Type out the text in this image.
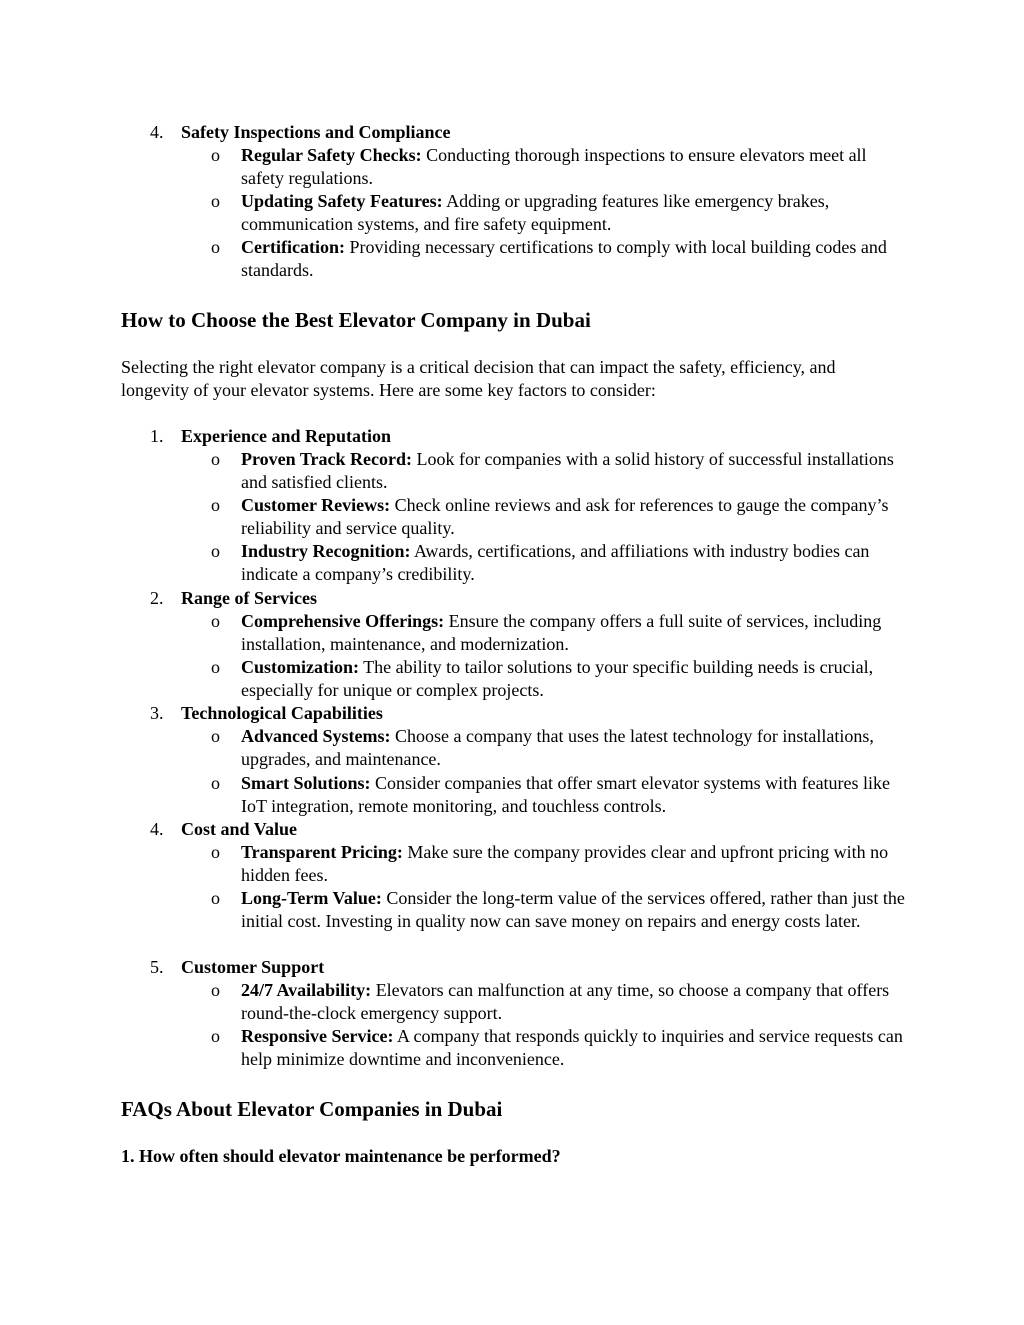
4. Safety Inspections and Compliance
o Regular Safety Checks: Conducting thorough inspections to ensure elevators meet all safety regulations.
o Updating Safety Features: Adding or upgrading features like emergency brakes, communication systems, and fire safety equipment.
o Certification: Providing necessary certifications to comply with local building codes and standards.
How to Choose the Best Elevator Company in Dubai

Selecting the right elevator company is a critical decision that can impact the safety, efficiency, and longevity of your elevator systems. Here are some key factors to consider:

1. Experience and Reputation
o Proven Track Record: Look for companies with a solid history of successful installations and satisfied clients.
o Customer Reviews: Check online reviews and ask for references to gauge the company’s reliability and service quality.
o Industry Recognition: Awards, certifications, and affiliations with industry bodies can indicate a company’s credibility.
2. Range of Services
o Comprehensive Offerings: Ensure the company offers a full suite of services, including installation, maintenance, and modernization.
o Customization: The ability to tailor solutions to your specific building needs is crucial, especially for unique or complex projects.
3. Technological Capabilities
o Advanced Systems: Choose a company that uses the latest technology for installations, upgrades, and maintenance.
o Smart Solutions: Consider companies that offer smart elevator systems with features like IoT integration, remote monitoring, and touchless controls.
4. Cost and Value
o Transparent Pricing: Make sure the company provides clear and upfront pricing with no hidden fees.
o Long-Term Value: Consider the long-term value of the services offered, rather than just the initial cost. Investing in quality now can save money on repairs and energy costs later.
5. Customer Support
o 24/7 Availability: Elevators can malfunction at any time, so choose a company that offers round-the-clock emergency support.
o Responsive Service: A company that responds quickly to inquiries and service requests can help minimize downtime and inconvenience.
FAQs About Elevator Companies in Dubai

1. How often should elevator maintenance be performed?
